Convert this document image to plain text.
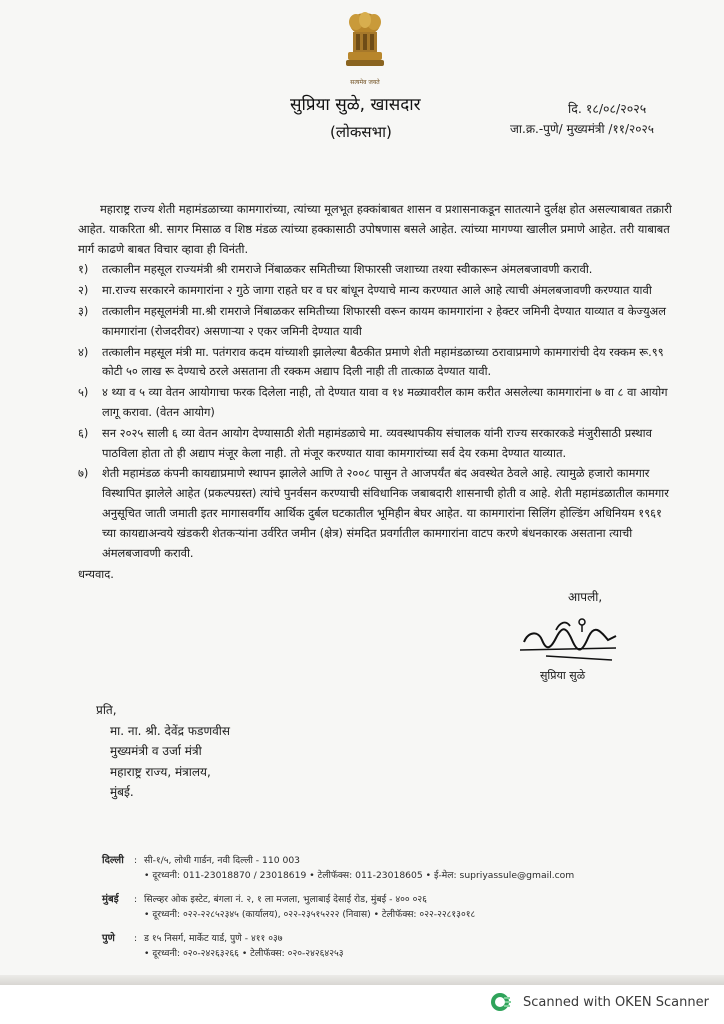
सत्यमेव जयते
सुप्रिया सुळे, खासदार
(लोकसभा)
दि. १८/०८/२०२५
जा.क्र.-पुणे/ मुख्यमंत्री /११/२०२५

महाराष्ट्र राज्य शेती महामंडळाच्या कामगारांच्या, त्यांच्या मूलभूत हक्कांबाबत शासन व प्रशासनाकडून सातत्याने दुर्लक्ष होत असल्याबाबत तक्रारी आहेत. याकरिता श्री. सागर मिसाळ व शिष्ठ मंडळ त्यांच्या हक्कासाठी उपोषणास बसले आहेत. त्यांच्या मागण्या खालील प्रमाणे आहेत. तरी याबाबत मार्ग काढणे बाबत विचार व्हावा ही विनंती.

१) तत्कालीन महसूल राज्यमंत्री श्री रामराजे निंबाळकर समितीच्या शिफारसी जशाच्या तश्या स्वीकारून अंमलबजावणी करावी.
२) मा.राज्य सरकारने कामगारांना २ गुठे जागा राहते घर व घर बांधून देण्याचे मान्य करण्यात आले आहे त्याची अंमलबजावणी करण्यात यावी
३) तत्कालीन महसूलमंत्री मा.श्री रामराजे निंबाळकर समितीच्या शिफारसी वरून कायम कामगारांना २ हेक्टर जमिनी देण्यात याव्यात व केज्युअल कामगारांना (रोजदरीवर) असणाऱ्या २ एकर जमिनी देण्यात यावी
४) तत्कालीन महसूल मंत्री मा. पतंगराव कदम यांच्याशी झालेल्या बैठकीत प्रमाणे शेती महामंडळाच्या ठरावाप्रमाणे कामगारांची देय रक्कम रू.९९ कोटी ५० लाख रू देण्याचे ठरले असताना ती रक्कम अद्याप दिली नाही ती तात्काळ देण्यात यावी.
५) ४ थ्या व ५ व्या वेतन आयोगाचा फरक दिलेला नाही, तो देण्यात यावा व १४ मळ्यावरील काम करीत असलेल्या कामगारांना ७ वा ८ वा आयोग लागू करावा. (वेतन आयोग)
६) सन २०२५ साली ६ व्या वेतन आयोग देण्यासाठी शेती महामंडळाचे मा. व्यवस्थापकीय संचालक यांनी राज्य सरकारकडे मंजुरीसाठी प्रस्थाव पाठविला होता तो ही अद्याप मंजूर केला नाही. तो मंजूर करण्यात यावा कामगारांच्या सर्व देय रकमा देण्यात याव्यात.
७) शेती महामंडळ कंपनी कायद्याप्रमाणे स्थापन झालेले आणि ते २००८ पासुन ते आजपर्यंत बंद अवस्थेत ठेवले आहे. त्यामुळे हजारो कामगार विस्थापित झालेले आहेत (प्रकल्पग्रस्त) त्यांचे पुनर्वसन करण्याची संविधानिक जबाबदारी शासनाची होती व आहे. शेती महामंडळातील कामगार अनुसूचित जाती जमाती इतर मागासवर्गीय आर्थिक दुर्बल घटकातील भूमिहीन बेघर आहेत. या कामगारांना सिलिंग होल्डिंग अधिनियम १९६१ च्या कायद्याअन्वये खंडकरी शेतकऱ्यांना उर्वरित जमीन (क्षेत्र) संमदित प्रवर्गातील कामगारांना वाटप करणे बंधनकारक असताना त्याची अंमलबजावणी करावी.

धन्यवाद.

आपली,
सुप्रिया सुळे
प्रति,
मा. ना. श्री. देवेंद्र फडणवीस
मुख्यमंत्री व उर्जा मंत्री
महाराष्ट्र राज्य, मंत्रालय,
मुंबई.
दिल्ली	: सी-१/५, लोधी गार्डन, नवी दिल्ली - 110 003
• दूरध्वनी: 011-23018870 / 23018619 • टेलीफॅक्स: 011-23018605 • ई-मेल: supriyassule@gmail.com
मुंबई	: सिल्व्हर ओक इस्टेट, बंगला नं. २, १ ला मजला, भुलाबाई देसाई रोड, मुंबई - ४०० ०२६
• दूरध्वनी: ०२२-२२८५२३४५ (कार्यालय), ०२२-२३५१५२२२ (निवास) • टेलीफॅक्स: ०२२-२२८१३०१८
पुणे	: ड १५ निसर्ग, मार्केट यार्ड, पुणे - ४११ ०३७
• दूरध्वनी: ०२०-२४२६३२६६ • टेलीफॅक्स: ०२०-२४२६४२५३
Scanned with OKEN Scanner
